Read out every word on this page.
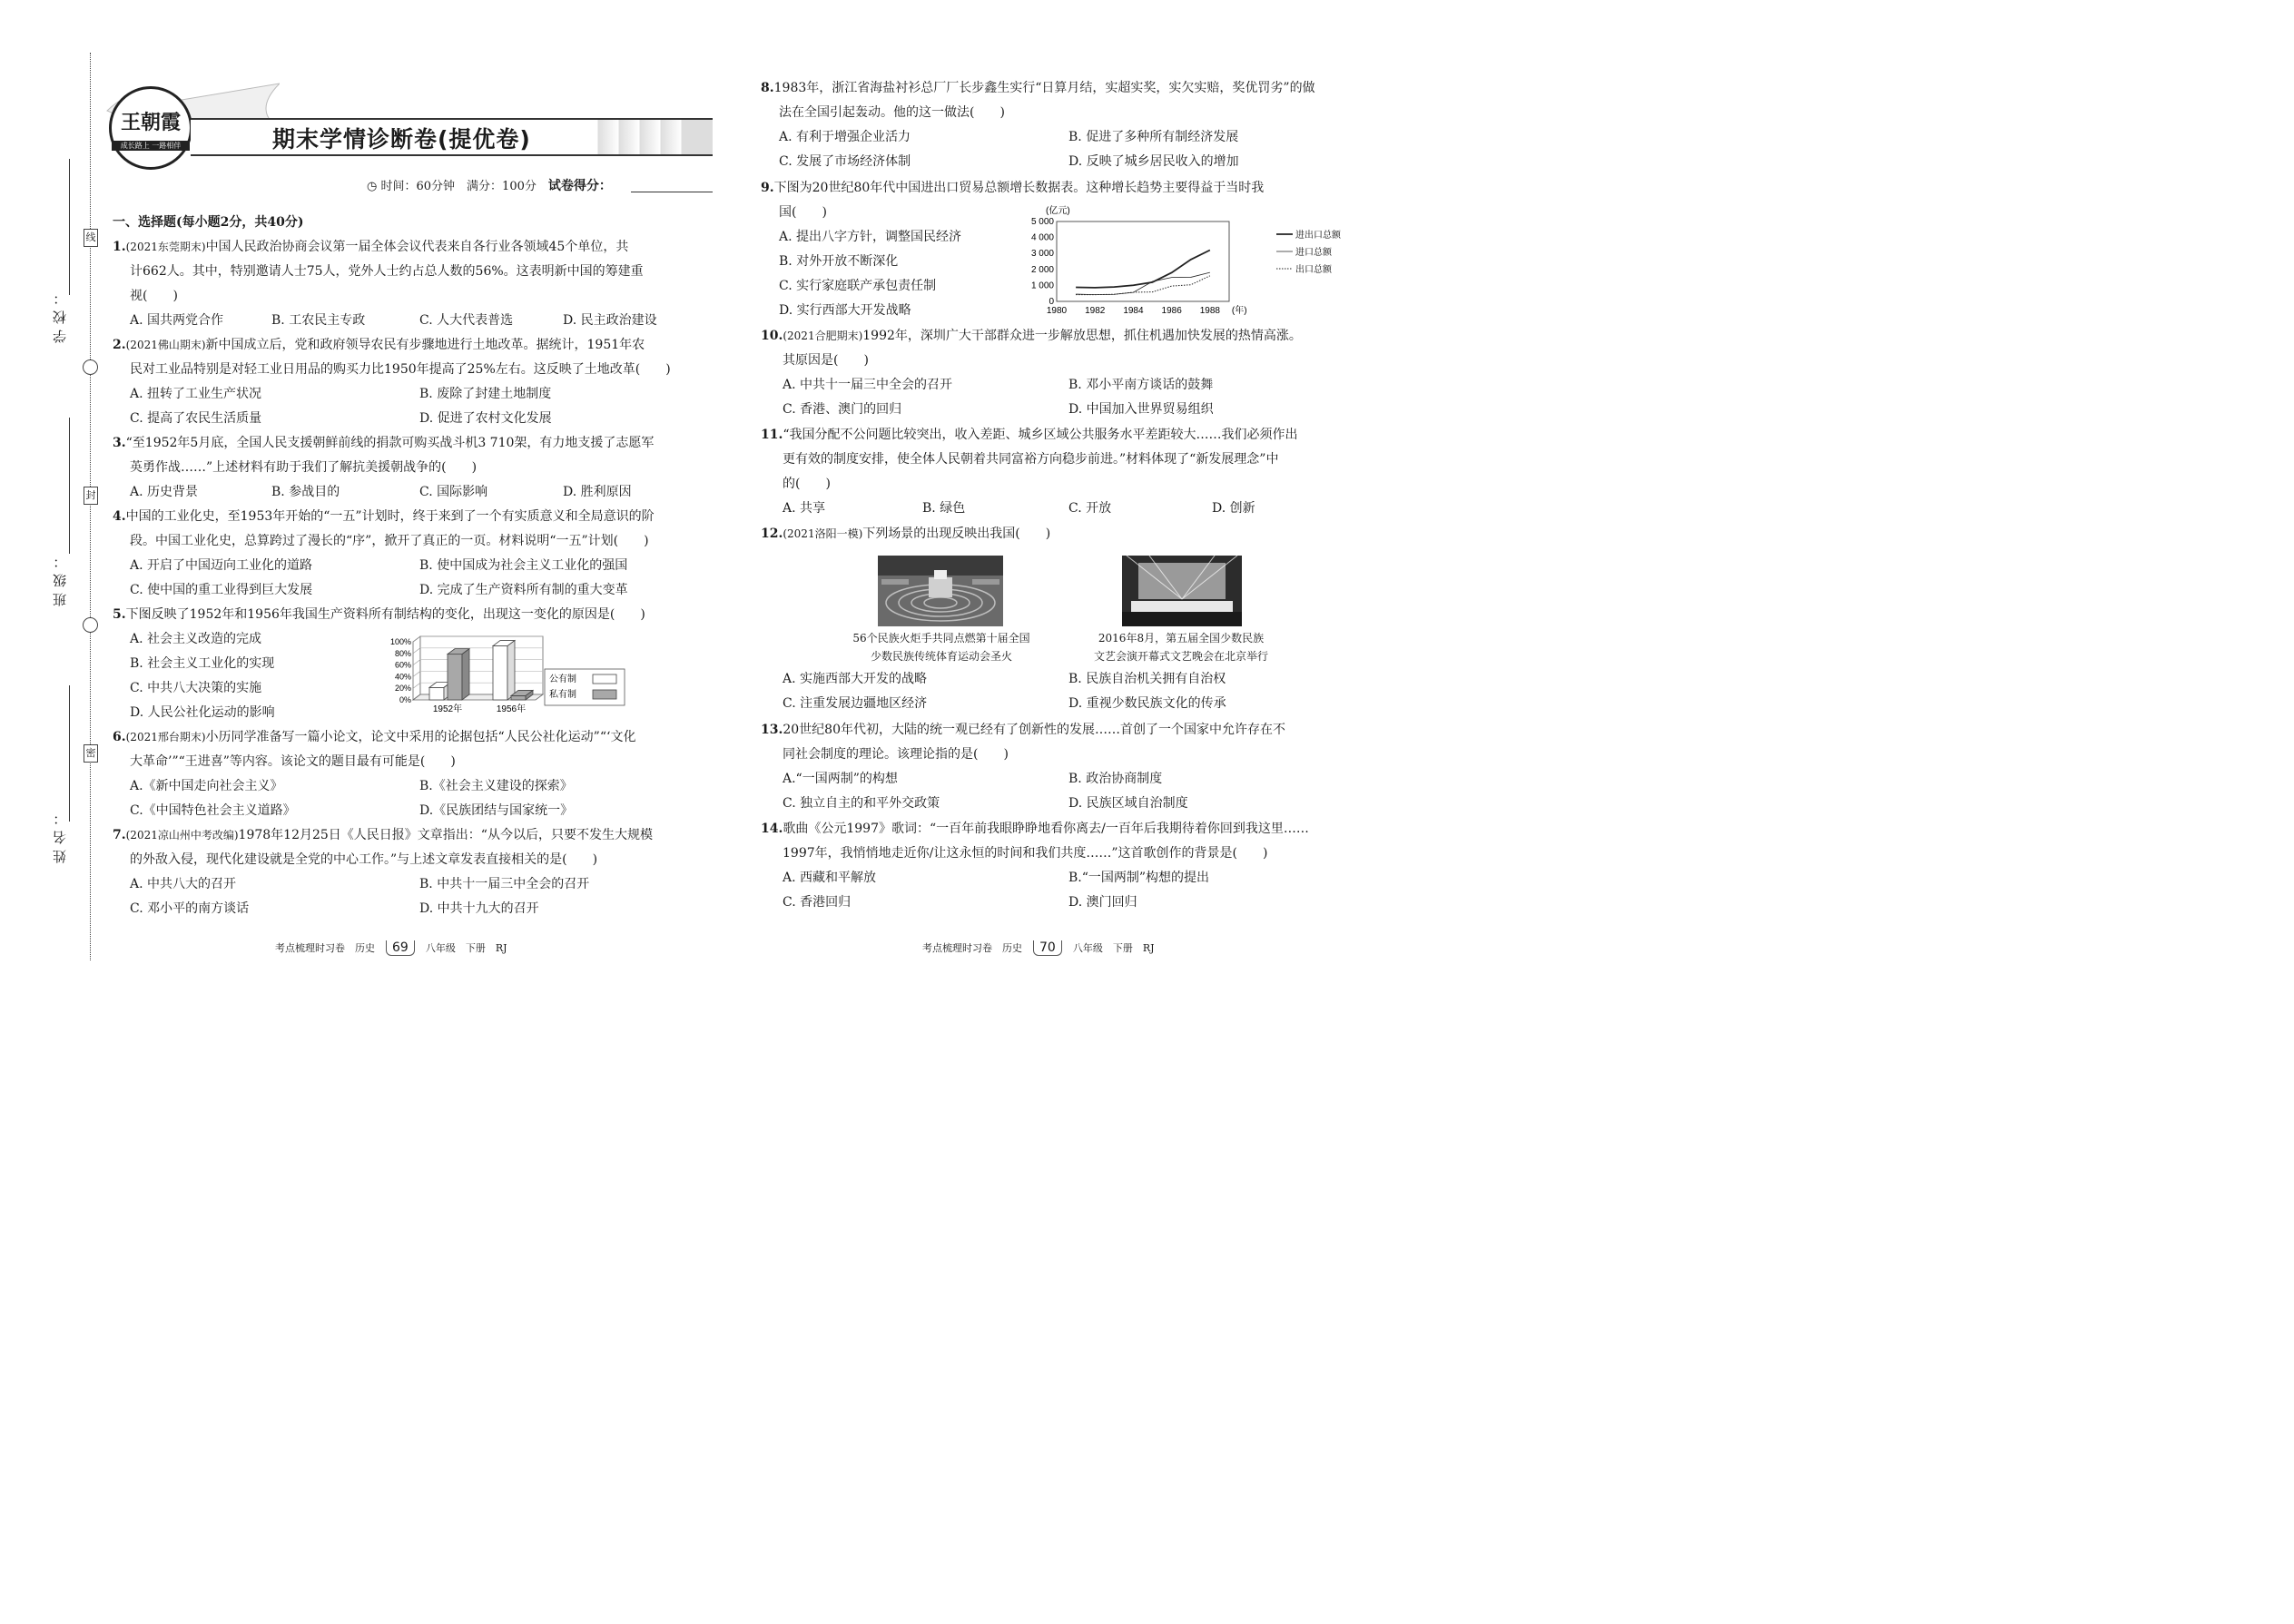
线
封
密
学校：
班级：
姓名：
王朝霞
成长路上 一路相伴	期末学情诊断卷(提优卷)
◷ 时间：60分钟　 满分：100分　 试卷得分：
一、选择题(每小题2分，共40分)
1.(2021东莞期末)中国人民政治协商会议第一届全体会议代表来自各行业各领域45个单位，共
计662人。其中，特别邀请人士75人，党外人士约占总人数的56%。这表明新中国的筹建重
视(　　)
A. 国共两党合作	B. 工农民主专政	C. 人大代表普选	D. 民主政治建设
2.(2021佛山期末)新中国成立后，党和政府领导农民有步骤地进行土地改革。据统计，1951年农
民对工业品特别是对轻工业日用品的购买力比1950年提高了25%左右。这反映了土地改革(　　)
A. 扭转了工业生产状况	B. 废除了封建土地制度
C. 提高了农民生活质量	D. 促进了农村文化发展
3.“至1952年5月底，全国人民支援朝鲜前线的捐款可购买战斗机3 710架，有力地支援了志愿军
英勇作战……”上述材料有助于我们了解抗美援朝战争的(　　)
A. 历史背景	B. 参战目的	C. 国际影响	D. 胜利原因
4.中国的工业化史，至1953年开始的“一五”计划时，终于来到了一个有实质意义和全局意识的阶
段。中国工业化史，总算跨过了漫长的“序”，掀开了真正的一页。材料说明“一五”计划(　　)
A. 开启了中国迈向工业化的道路	B. 使中国成为社会主义工业化的强国
C. 使中国的重工业得到巨大发展	D. 完成了生产资料所有制的重大变革
5.下图反映了1952年和1956年我国生产资料所有制结构的变化，出现这一变化的原因是(　　)
A. 社会主义改造的完成
B. 社会主义工业化的实现
C. 中共八大决策的实施
D. 人民公社化运动的影响
100%
80%
60%
40%
20%
0%
1952年	1956年
公有制
私有制
6.(2021邢台期末)小历同学准备写一篇小论文，论文中采用的论据包括“人民公社化运动”“‘文化
大革命’”“王进喜”等内容。该论文的题目最有可能是(　　)
A.《新中国走向社会主义》	B.《社会主义建设的探索》
C.《中国特色社会主义道路》	D.《民族团结与国家统一》
7.(2021凉山州中考改编)1978年12月25日《人民日报》文章指出：“从今以后，只要不发生大规模
的外敌入侵，现代化建设就是全党的中心工作。”与上述文章发表直接相关的是(　　)
A. 中共八大的召开	B. 中共十一届三中全会的召开
C. 邓小平的南方谈话	D. 中共十九大的召开
考点梳理时习卷　 历史 69 八年级　 下册　 RJ
8.1983年，浙江省海盐衬衫总厂厂长步鑫生实行“日算月结，实超实奖，实欠实赔，奖优罚劣”的做
法在全国引起轰动。他的这一做法(　　)
A. 有利于增强企业活力	B. 促进了多种所有制经济发展
C. 发展了市场经济体制	D. 反映了城乡居民收入的增加
9.下图为20世纪80年代中国进出口贸易总额增长数据表。这种增长趋势主要得益于当时我
国(　　)
A. 提出八字方针，调整国民经济
B. 对外开放不断深化
C. 实行家庭联产承包责任制
D. 实行西部大开发战略
(亿元)
5 000
4 000
3 000
2 000
1 000
0
1980 1982 1984 1986 1988 (年)
进出口总额
进口总额
出口总额
10.(2021合肥期末)1992年，深圳广大干部群众进一步解放思想，抓住机遇加快发展的热情高涨。
其原因是(　　)
A. 中共十一届三中全会的召开	B. 邓小平南方谈话的鼓舞
C. 香港、澳门的回归	D. 中国加入世界贸易组织
11.“我国分配不公问题比较突出，收入差距、城乡区域公共服务水平差距较大……我们必须作出
更有效的制度安排，使全体人民朝着共同富裕方向稳步前进。”材料体现了“新发展理念”中
的(　　)
A. 共享	B. 绿色	C. 开放	D. 创新
12.(2021洛阳一模)下列场景的出现反映出我国(　　)
56个民族火炬手共同点燃第十届全国
少数民族传统体育运动会圣火
2016年8月，第五届全国少数民族
文艺会演开幕式文艺晚会在北京举行
A. 实施西部大开发的战略	B. 民族自治机关拥有自治权
C. 注重发展边疆地区经济	D. 重视少数民族文化的传承
13.20世纪80年代初，大陆的统一观已经有了创新性的发展……首创了一个国家中允许存在不
同社会制度的理论。该理论指的是(　　)
A.“一国两制”的构想	B. 政治协商制度
C. 独立自主的和平外交政策	D. 民族区域自治制度
14.歌曲《公元1997》歌词：“一百年前我眼睁睁地看你离去/一百年后我期待着你回到我这里……
1997年，我悄悄地走近你/让这永恒的时间和我们共度……”这首歌创作的背景是(　　)
A. 西藏和平解放	B.“一国两制”构想的提出
C. 香港回归	D. 澳门回归
考点梳理时习卷　 历史 70 八年级　 下册　 RJ
